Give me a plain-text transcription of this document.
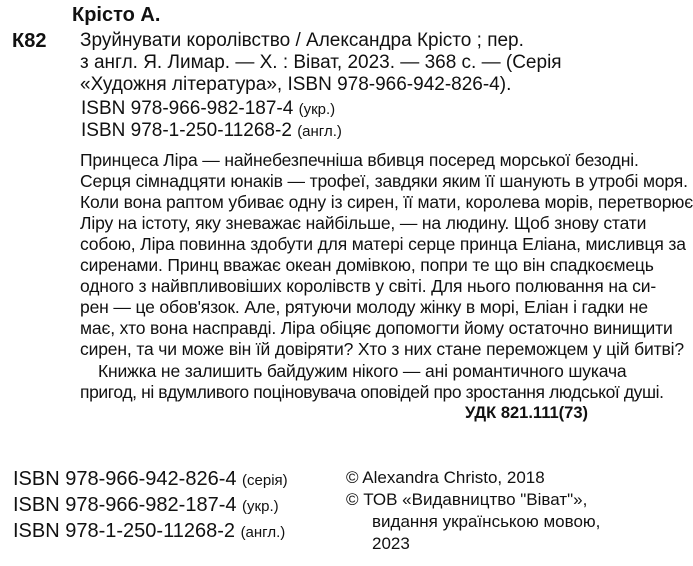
Крісто А.
К82 Зруйнувати королівство / Александра Крісто ; пер.
з англ. Я. Лимар. — Х. : Віват, 2023. — 368 с. — (Серія
«Художня література», ISBN 978-966-942-826-4).
ISBN 978-966-982-187-4 (укр.)
ISBN 978-1-250-11268-2 (англ.)
Принцеса Ліра — найнебезпечніша вбивця посеред морської безодні.
Серця сімнадцяти юнаків — трофеї, завдяки яким її шанують в утробі моря.
Коли вона раптом убиває одну із сирен, її мати, королева морів, перетворює
Ліру на істоту, яку зневажає найбільше, — на людину. Щоб знову стати
собою, Ліра повинна здобути для матері серце принца Еліана, мисливця за
сиренами. Принц вважає океан домівкою, попри те що він спадкоємець
одного з найвпливовіших королівств у світі. Для нього полювання на си-
рен — це обов'язок. Але, рятуючи молоду жінку в морі, Еліан і гадки не
має, хто вона насправді. Ліра обіцяє допомогти йому остаточно винищити
сирен, та чи може він їй довіряти? Хто з них стане переможцем у цій битві?
Книжка не залишить байдужим нікого — ані романтичного шукача
пригод, ні вдумливого поціновувача оповідей про зростання людської душі.
УДК 821.111(73)
ISBN 978-966-942-826-4 (серія)
ISBN 978-966-982-187-4 (укр.)
ISBN 978-1-250-11268-2 (англ.)
© Alexandra Christo, 2018
© ТОВ «Видавництво "Віват"»,
видання українською мовою,
2023
